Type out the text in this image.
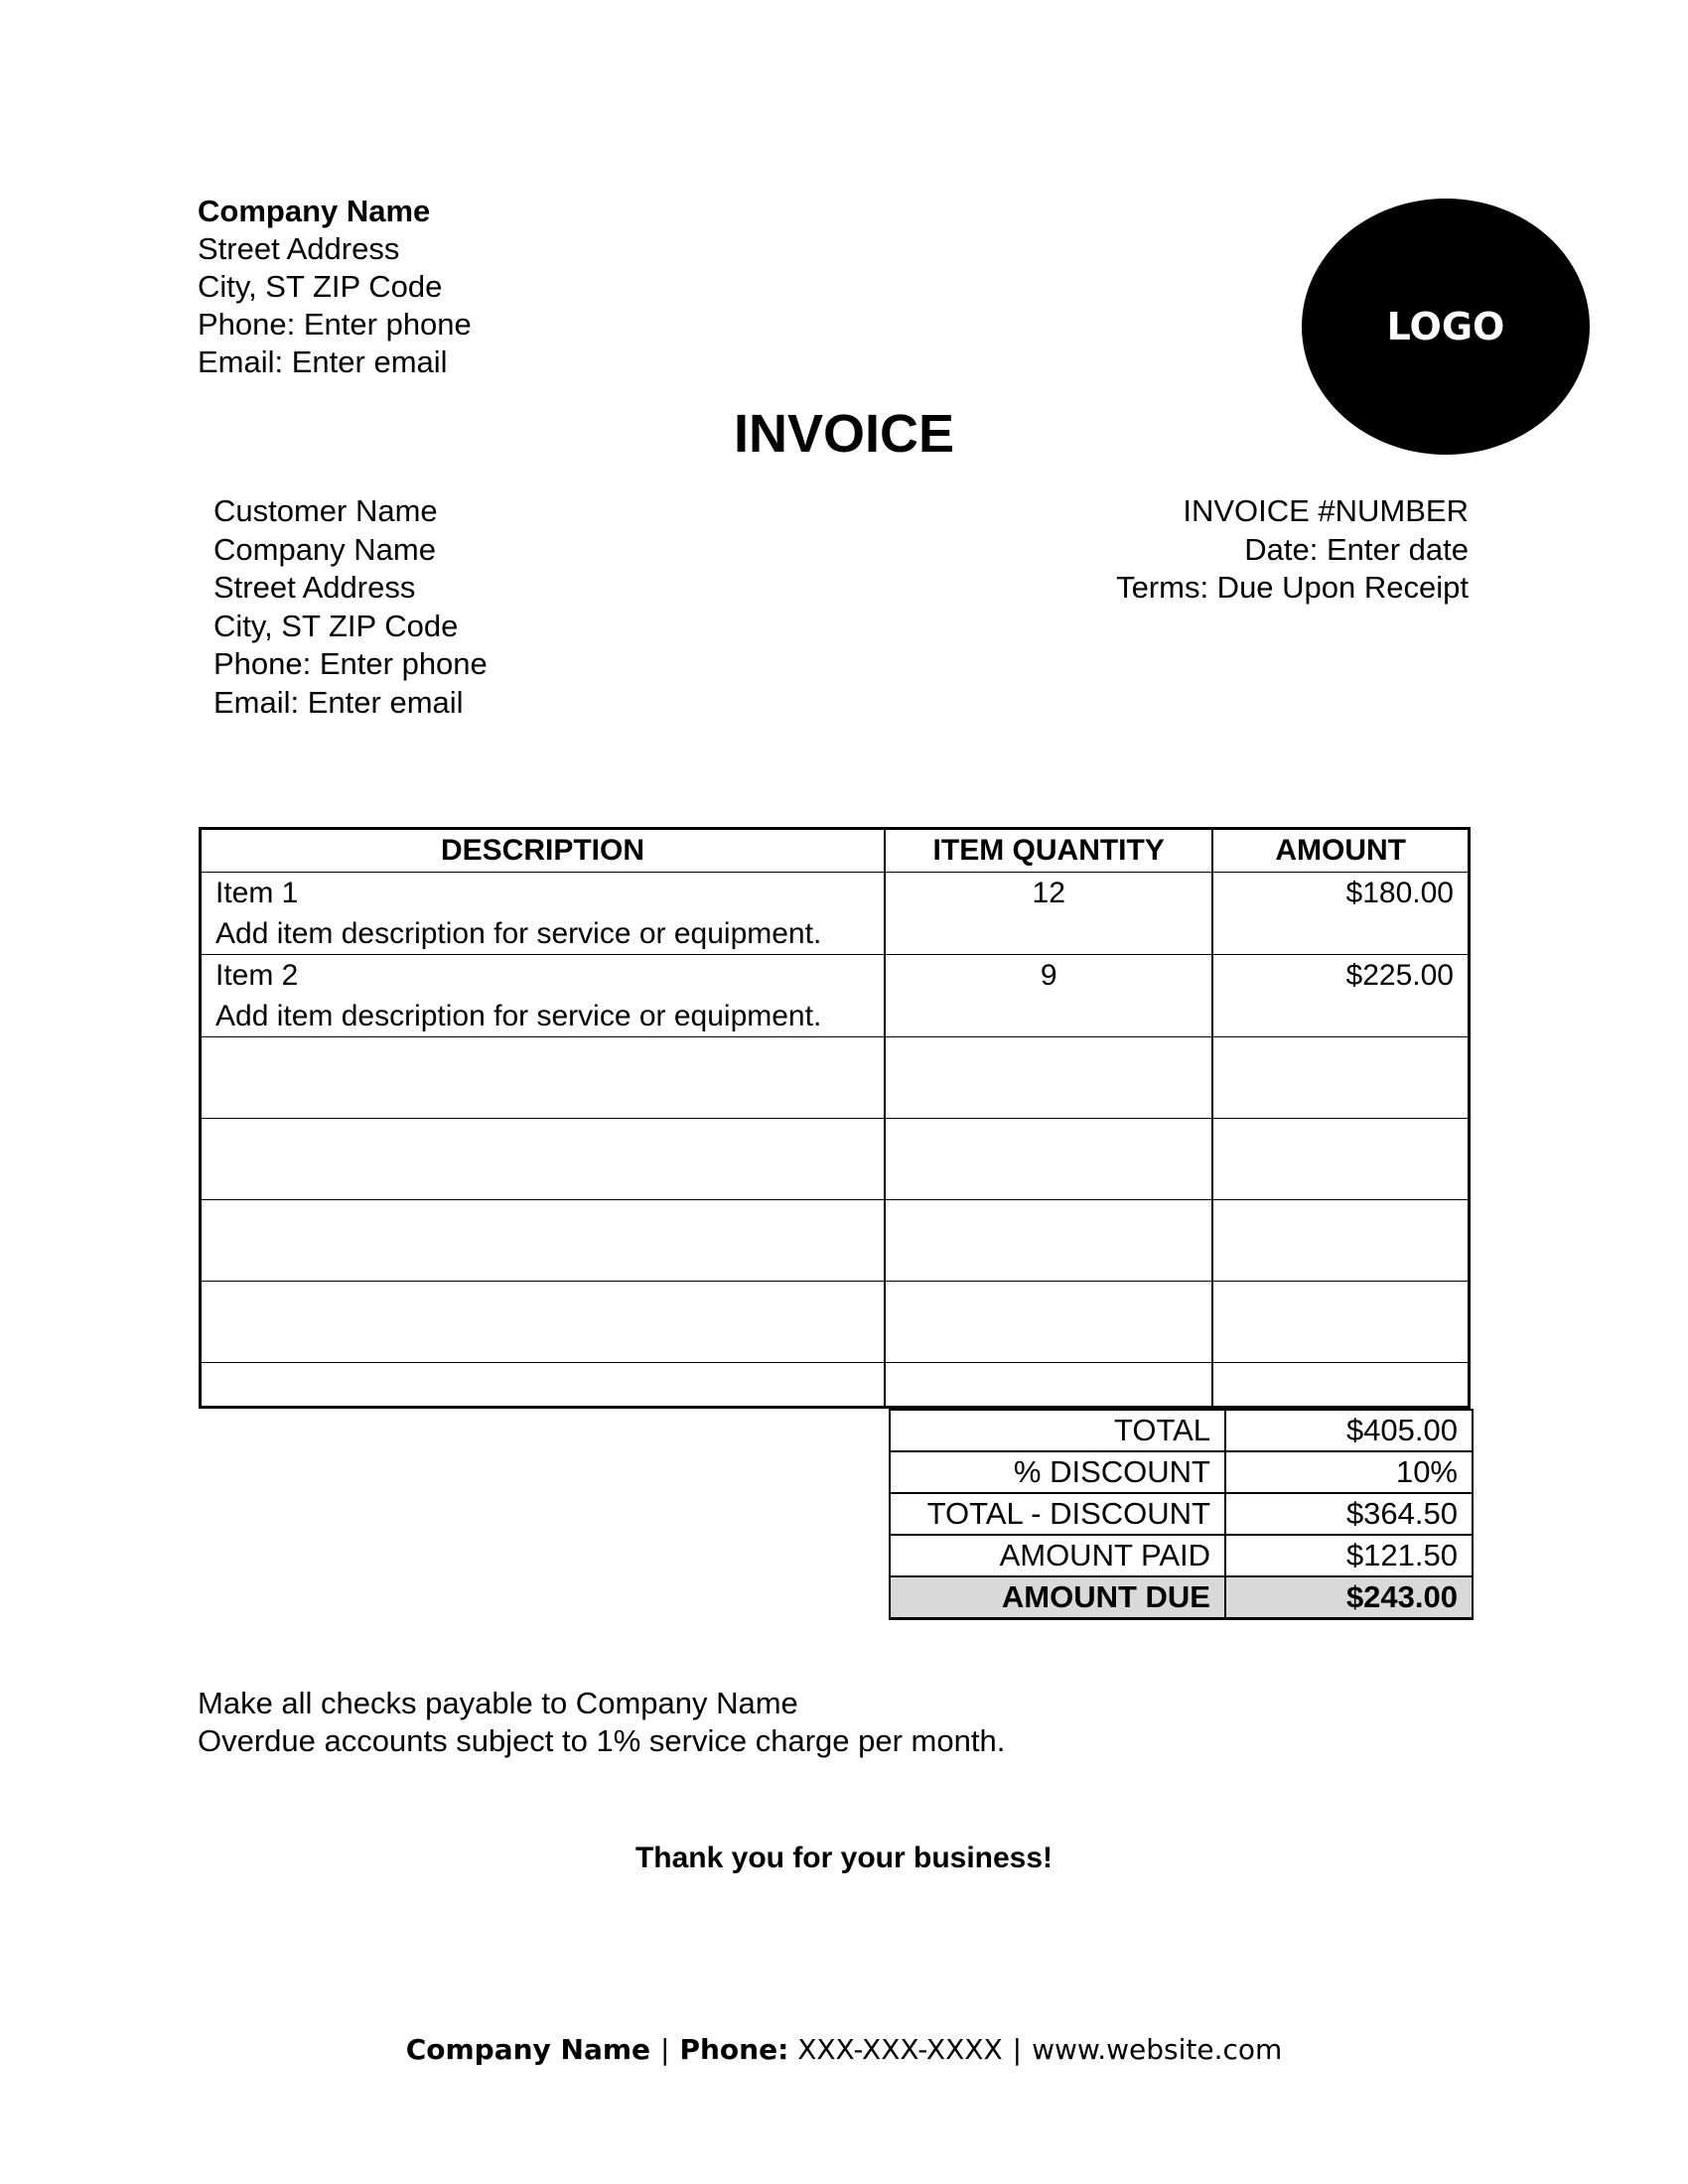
Company Name
Street Address
City, ST ZIP Code
Phone: Enter phone
Email: Enter email
LOGO
INVOICE
Customer Name
Company Name
Street Address
City, ST ZIP Code
Phone: Enter phone
Email: Enter email
INVOICE #NUMBER
Date: Enter date
Terms: Due Upon Receipt
DESCRIPTION	ITEM QUANTITY	AMOUNT

Item 1
Add item description for service or equipment.	12	$180.00

Item 2
Add item description for service or equipment.	9	$225.00

TOTAL	$405.00
% DISCOUNT	10%
TOTAL - DISCOUNT	$364.50
AMOUNT PAID	$121.50
AMOUNT DUE	$243.00
Make all checks payable to Company Name
Overdue accounts subject to 1% service charge per month.
Thank you for your business!
Company Name | Phone: XXX-XXX-XXXX | www.website.com
